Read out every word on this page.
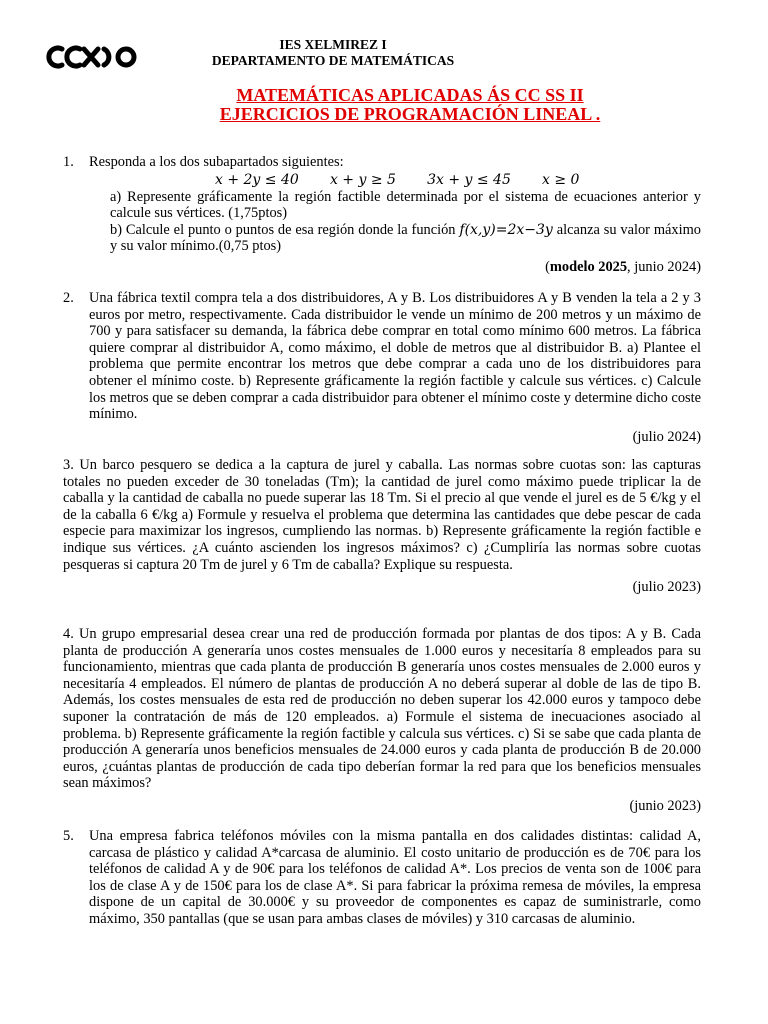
IES XELMIREZ I
DEPARTAMENTO DE MATEMÁTICAS
MATEMÁTICAS APLICADAS ÁS CC SS II
EJERCICIOS DE PROGRAMACIÓN LINEAL .
1. Responda a los dos subapartados siguientes:

x + 2y ≤ 40       x + y ≥ 5       3x + y ≤ 45       x ≥ 0

a) Represente gráficamente la región factible determinada por el sistema de ecuaciones anterior y calcule sus vértices. (1,75ptos)

b) Calcule el punto o puntos de esa región donde la función f(x,y)=2x−3y alcanza su valor máximo y su valor mínimo.(0,75 ptos)

(modelo 2025, junio 2024)

2. Una fábrica textil compra tela a dos distribuidores, A y B. Los distribuidores A y B venden la tela a 2 y 3 euros por metro, respectivamente. Cada distribuidor le vende un mínimo de 200 metros y un máximo de 700 y para satisfacer su demanda, la fábrica debe comprar en total como mínimo 600 metros. La fábrica quiere comprar al distribuidor A, como máximo, el doble de metros que al distribuidor B. a) Plantee el problema que permite encontrar los metros que debe comprar a cada uno de los distribuidores para obtener el mínimo coste. b) Represente gráficamente la región factible y calcule sus vértices. c) Calcule los metros que se deben comprar a cada distribuidor para obtener el mínimo coste y determine dicho coste mínimo.

(julio 2024)

3. Un barco pesquero se dedica a la captura de jurel y caballa. Las normas sobre cuotas son: las capturas totales no pueden exceder de 30 toneladas (Tm); la cantidad de jurel como máximo puede triplicar la de caballa y la cantidad de caballa no puede superar las 18 Tm. Si el precio al que vende el jurel es de 5 €/kg y el de la caballa 6 €/kg a) Formule y resuelva el problema que determina las cantidades que debe pescar de cada especie para maximizar los ingresos, cumpliendo las normas. b) Represente gráficamente la región factible e indique sus vértices. ¿A cuánto ascienden los ingresos máximos? c) ¿Cumpliría las normas sobre cuotas pesqueras si captura 20 Tm de jurel y 6 Tm de caballa? Explique su respuesta.

(julio 2023)

4. Un grupo empresarial desea crear una red de producción formada por plantas de dos tipos: A y B. Cada planta de producción A generaría unos costes mensuales de 1.000 euros y necesitaría 8 empleados para su funcionamiento, mientras que cada planta de producción B generaría unos costes mensuales de 2.000 euros y necesitaría 4 empleados. El número de plantas de producción A no deberá superar al doble de las de tipo B. Además, los costes mensuales de esta red de producción no deben superar los 42.000 euros y tampoco debe suponer la contratación de más de 120 empleados. a) Formule el sistema de inecuaciones asociado al problema. b) Represente gráficamente la región factible y calcula sus vértices. c) Si se sabe que cada planta de producción A generaría unos beneficios mensuales de 24.000 euros y cada planta de producción B de 20.000 euros, ¿cuántas plantas de producción de cada tipo deberían formar la red para que los beneficios mensuales sean máximos?

(junio 2023)

5. Una empresa fabrica teléfonos móviles con la misma pantalla en dos calidades distintas: calidad A, carcasa de plástico y calidad A*carcasa de aluminio. El costo unitario de producción es de 70€ para los teléfonos de calidad A y de 90€ para los teléfonos de calidad A*. Los precios de venta son de 100€ para los de clase A y de 150€ para los de clase A*. Si para fabricar la próxima remesa de móviles, la empresa dispone de un capital de 30.000€ y su proveedor de componentes es capaz de suministrarle, como máximo, 350 pantallas (que se usan para ambas clases de móviles) y 310 carcasas de aluminio.
